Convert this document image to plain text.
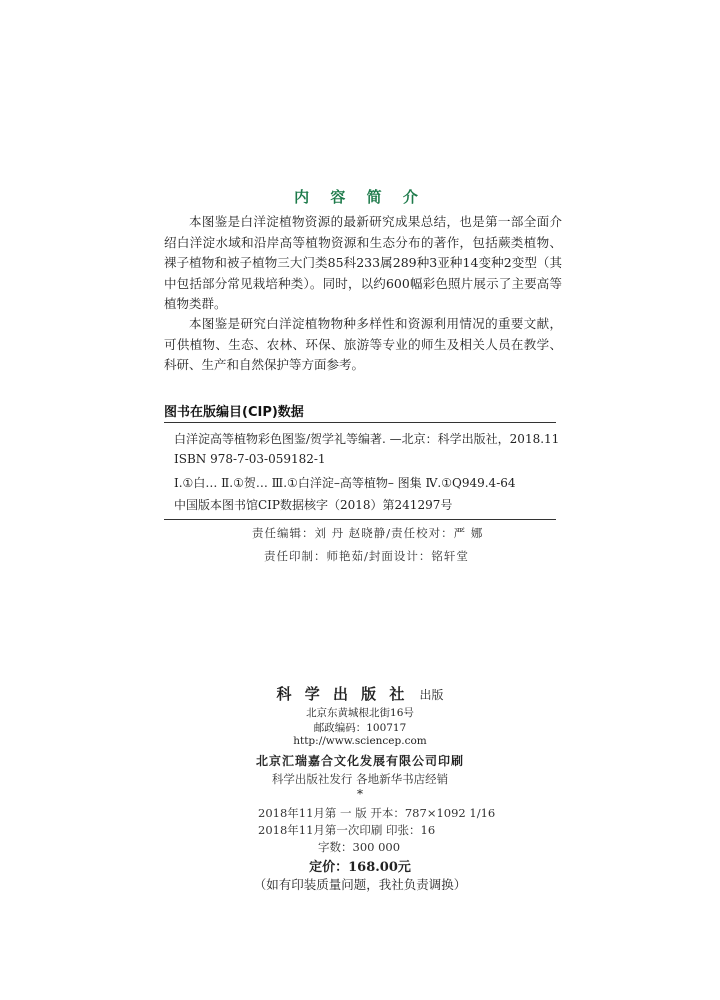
内 容 简 介

本图鉴是白洋淀植物资源的最新研究成果总结，也是第一部全面介绍白洋淀水域和沿岸高等植物资源和生态分布的著作，包括蕨类植物、裸子植物和被子植物三大门类85科233属289种3亚种14变种2变型（其中包括部分常见栽培种类）。同时，以约600幅彩色照片展示了主要高等植物类群。

本图鉴是研究白洋淀植物物种多样性和资源利用情况的重要文献，可供植物、生态、农林、环保、旅游等专业的师生及相关人员在教学、科研、生产和自然保护等方面参考。

图书在版编目(CIP)数据
白洋淀高等植物彩色图鉴/贺学礼等编著. —北京：科学出版社，2018.11
ISBN 978-7-03-059182-1
Ⅰ.①白… Ⅱ.①贺… Ⅲ.①白洋淀–高等植物– 图集 Ⅳ.①Q949.4-64
中国版本图书馆CIP数据核字（2018）第241297号
责任编辑：刘 丹 赵晓静/责任校对：严 娜
责任印制：师艳茹/封面设计：铭轩堂
科 学 出 版 社 出版
北京东黄城根北街16号
邮政编码：100717
http://www.sciencep.com
北京汇瑞嘉合文化发展有限公司印刷
科学出版社发行 各地新华书店经销
*
2018年11月第 一 版 开本：787×1092 1/16
2018年11月第一次印刷 印张：16
字数：300 000
定价：168.00元
（如有印装质量问题，我社负责调换）
